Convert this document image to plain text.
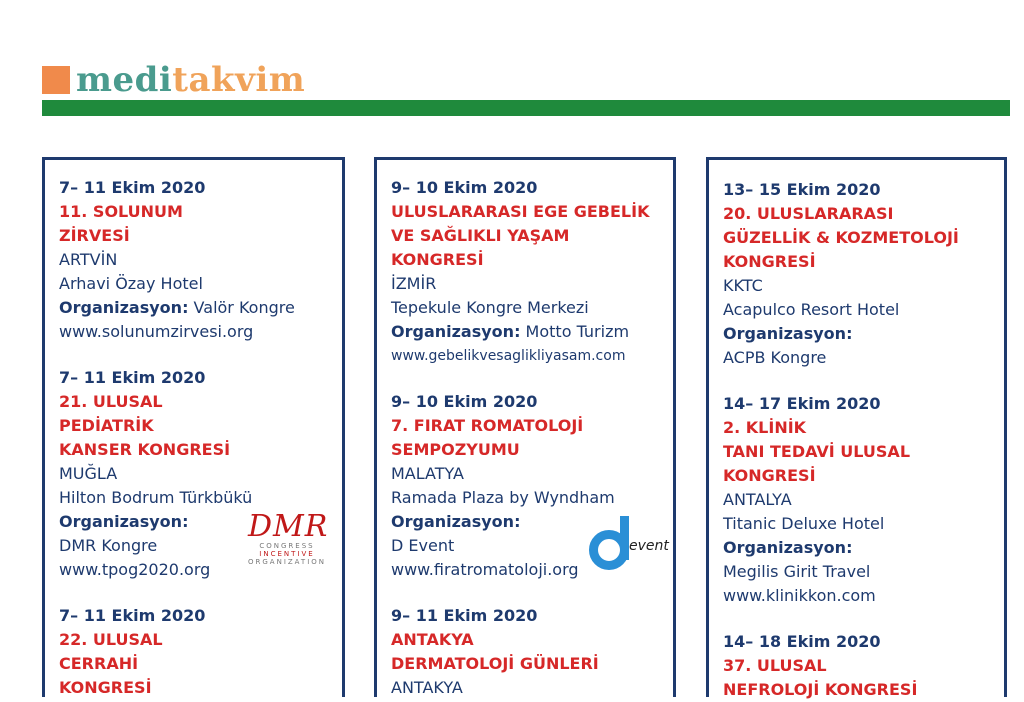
meditakvim
7– 11 Ekim 2020
11. SOLUNUM
ZİRVESİ
ARTVİN
Arhavi Özay Hotel
Organizasyon: Valör Kongre
www.solunumzirvesi.org
7– 11 Ekim 2020
21. ULUSAL
PEDİATRİK
KANSER KONGRESİ
MUĞLA
Hilton Bodrum Türkbükü
Organizasyon:
DMR Kongre
www.tpog2020.org
DMR
CONGRESS
INCENTIVE
ORGANIZATION
7– 11 Ekim 2020
22. ULUSAL
CERRAHİ
KONGRESİ
9– 10 Ekim 2020
ULUSLARARASI EGE GEBELİK
VE SAĞLIKLI YAŞAM
KONGRESİ
İZMİR
Tepekule Kongre Merkezi
Organizasyon: Motto Turizm
www.gebelikvesaglikliyasam.com
9– 10 Ekim 2020
7. FIRAT ROMATOLOJİ
SEMPOZYUMU
MALATYA
Ramada Plaza by Wyndham
Organizasyon:
D Event
www.firatromatoloji.org
event
9– 11 Ekim 2020
ANTAKYA
DERMATOLOJİ GÜNLERİ
ANTAKYA
13– 15 Ekim 2020
20. ULUSLARARASI
GÜZELLİK & KOZMETOLOJİ
KONGRESİ
KKTC
Acapulco Resort Hotel
Organizasyon:
ACPB Kongre
14– 17 Ekim 2020
2. KLİNİK
TANI TEDAVİ ULUSAL
KONGRESİ
ANTALYA
Titanic Deluxe Hotel
Organizasyon:
Megilis Girit Travel
www.klinikkon.com
14– 18 Ekim 2020
37. ULUSAL
NEFROLOJİ KONGRESİ
